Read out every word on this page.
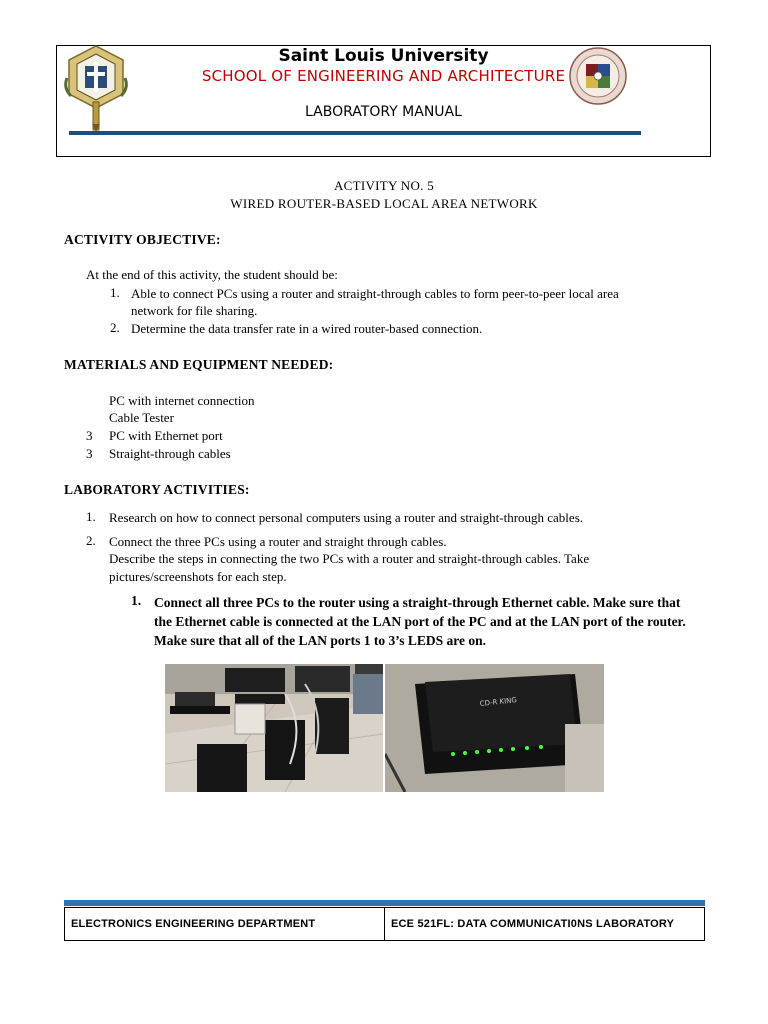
Saint Louis University
SCHOOL OF ENGINEERING AND ARCHITECTURE
LABORATORY MANUAL
ACTIVITY NO. 5
WIRED ROUTER-BASED LOCAL AREA NETWORK
ACTIVITY OBJECTIVE:
At the end of this activity, the student should be:
1. Able to connect PCs using a router and straight-through cables to form peer-to-peer local area
network for file sharing.
2. Determine the data transfer rate in a wired router-based connection.
MATERIALS AND EQUIPMENT NEEDED:
PC with internet connection
Cable Tester
3 PC with Ethernet port
3 Straight-through cables
LABORATORY ACTIVITIES:
1. Research on how to connect personal computers using a router and straight-through cables.
2. Connect the three PCs using a router and straight through cables.
Describe the steps in connecting the two PCs with a router and straight-through cables. Take
pictures/screenshots for each step.
1. Connect all three PCs to the router using a straight-through Ethernet cable. Make sure that the Ethernet cable is connected at the LAN port of the PC and at the LAN port of the router. Make sure that all of the LAN ports 1 to 3’s LEDS are on.
CD-R KING
ELECTRONICS ENGINEERING DEPARTMENT	ECE 521FL: DATA COMMUNICATI0NS LABORATORY
